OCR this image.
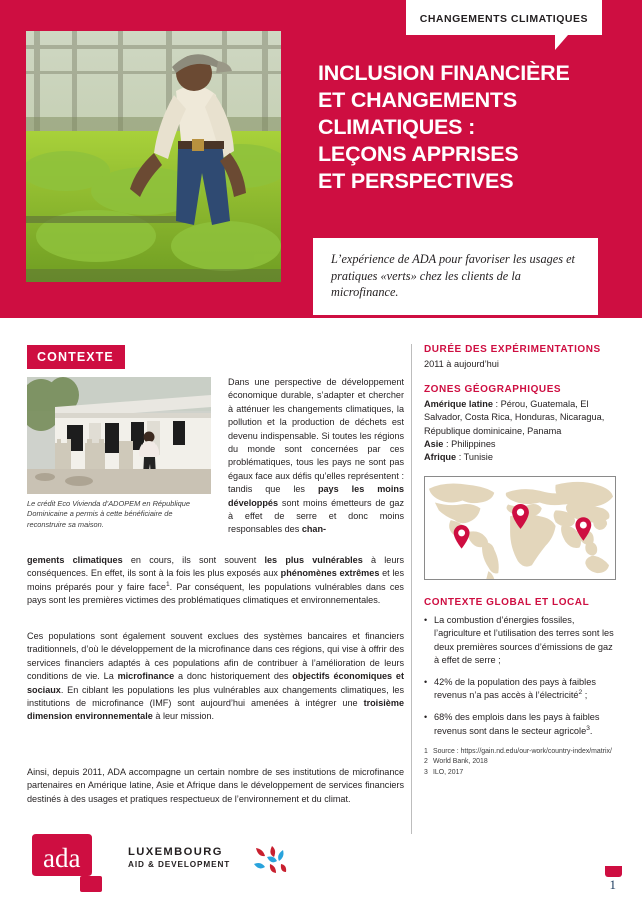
CHANGEMENTS CLIMATIQUES
INCLUSION FINANCIÈRE
ET CHANGEMENTS
CLIMATIQUES :
LEÇONS APPRISES
ET PERSPECTIVES
L’expérience de ADA pour favoriser les usages et pratiques «verts» chez les clients de la microfinance.
CONTEXTE
Le crédit Eco Vivienda d’ADOPEM en République Dominicaine a permis à cette bénéficiaire de reconstruire sa maison.
Dans une perspective de développement économique durable, s’adapter et chercher à atténuer les changements climatiques, la pollution et la production de déchets est devenu indispensable. Si toutes les régions du monde sont concernées par ces problématiques, tous les pays ne sont pas égaux face aux défis qu’elles représentent : tandis que les pays les moins développés sont moins émetteurs de gaz à effet de serre et donc moins responsables des chan-

gements climatiques en cours, ils sont souvent les plus vulnérables à leurs conséquences. En effet, ils sont à la fois les plus exposés aux phénomènes extrêmes et les moins préparés pour y faire face$^1$. Par conséquent, les populations vulnérables dans ces pays sont les premières victimes des problématiques climatiques et environnementales.

Ces populations sont également souvent exclues des systèmes bancaires et financiers traditionnels, d’où le développement de la microfinance dans ces régions, qui vise à offrir des services financiers adaptés à ces populations afin de contribuer à l’amélioration de leurs conditions de vie. La microfinance a donc historiquement des objectifs économiques et sociaux. En ciblant les populations les plus vulnérables aux changements climatiques, les institutions de microfinance (IMF) sont aujourd’hui amenées à intégrer une troisième dimension environnementale à leur mission.

Ainsi, depuis 2011, ADA accompagne un certain nombre de ses institutions de microfinance partenaires en Amérique latine, Asie et Afrique dans le développement de services financiers destinés à des usages et pratiques respectueux de l’environnement et du climat.

DURÉE DES EXPÉRIMENTATIONS
2011 à aujourd’hui
ZONES GÉOGRAPHIQUES
Amérique latine : Pérou, Guatemala, El Salvador, Costa Rica, Honduras, Nicaragua, République dominicaine, Panama
Asie : Philippines
Afrique : Tunisie
CONTEXTE GLOBAL ET LOCAL
• La combustion d’énergies fossiles, l’agriculture et l’utilisation des terres sont les deux premières sources d’émissions de gaz à effet de serre ;
• 42% de la population des pays à faibles revenus n’a pas accès à l’électricité$^2$ ;
• 68% des emplois dans les pays à faibles revenus sont dans le secteur agricole$^3$.
1 Source : https://gain.nd.edu/our-work/country-index/matrix/
2 World Bank, 2018
3 ILO, 2017
ada	LUXEMBOURG
AID & DEVELOPMENT
1
